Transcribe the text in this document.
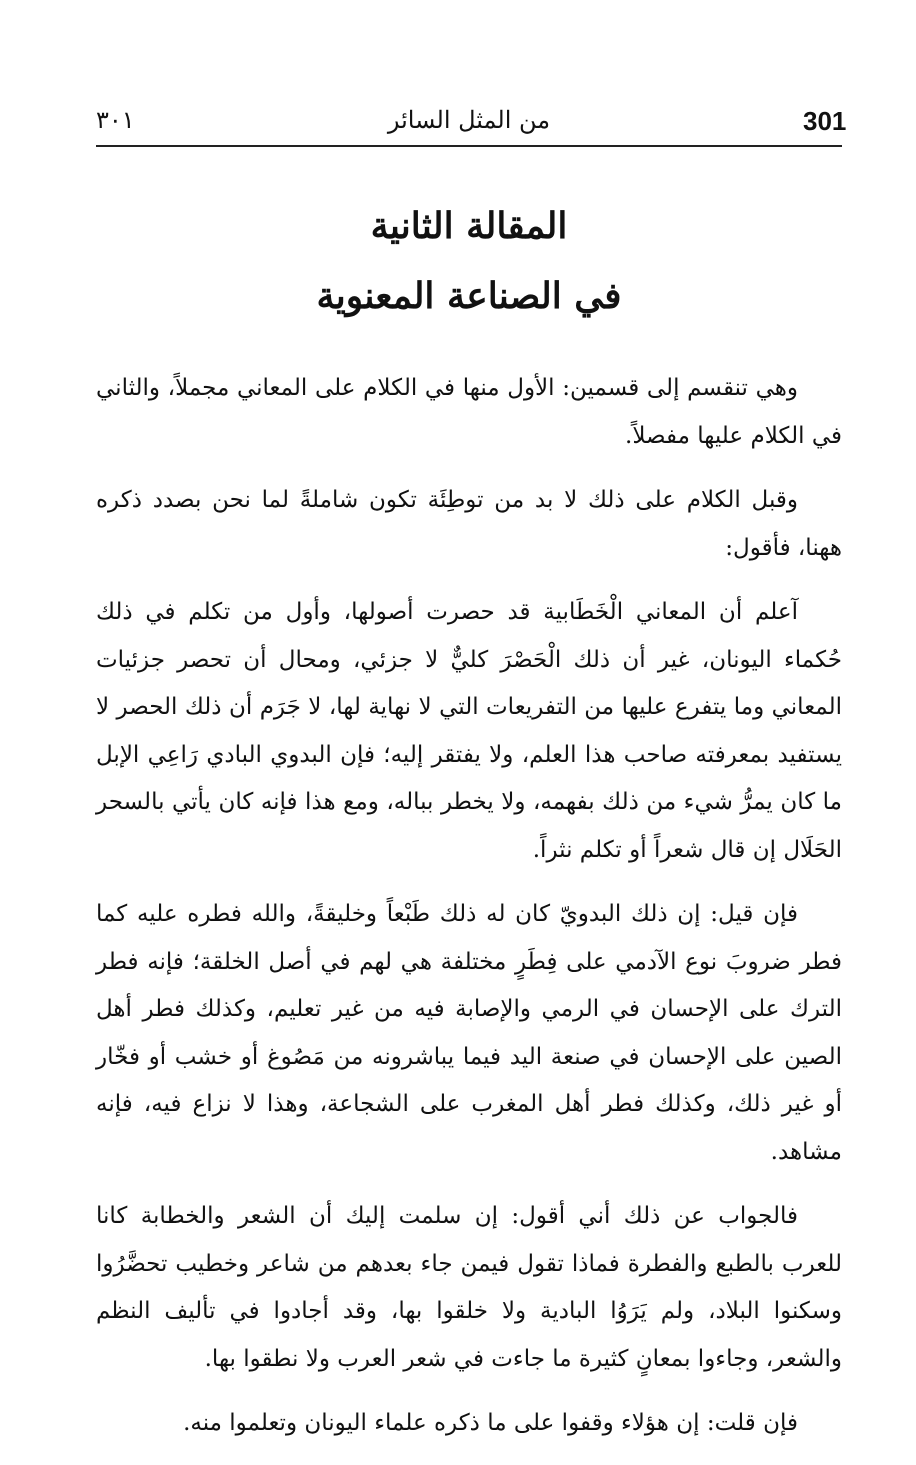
301
من المثل السائر
٣٠١
المقالة الثانية
في الصناعة المعنوية

وهي تنقسم إلى قسمين: الأول منها في الكلام على المعاني مجملاً، والثاني في الكلام عليها مفصلاً.

وقبل الكلام على ذلك لا بد من توطِئَة تكون شاملةً لما نحن بصدد ذكره ههنا، فأقول:

آعلم أن المعاني الْخَطَابية قد حصرت أصولها، وأول من تكلم في ذلك حُكماء اليونان، غير أن ذلك الْحَصْرَ كليٌّ لا جزئي، ومحال أن تحصر جزئيات المعاني وما يتفرع عليها من التفريعات التي لا نهاية لها، لا جَرَم أن ذلك الحصر لا يستفيد بمعرفته صاحب هذا العلم، ولا يفتقر إليه؛ فإن البدوي البادي رَاعِي الإبل ما كان يمرُّ شيء من ذلك بفهمه، ولا يخطر بباله، ومع هذا فإنه كان يأتي بالسحر الحَلَال إن قال شعراً أو تكلم نثراً.

فإن قيل: إن ذلك البدويّ كان له ذلك طَبْعاً وخليقةً، والله فطره عليه كما فطر ضروبَ نوع الآدمي على فِطَرٍ مختلفة هي لهم في أصل الخلقة؛ فإنه فطر الترك على الإحسان في الرمي والإصابة فيه من غير تعليم، وكذلك فطر أهل الصين على الإحسان في صنعة اليد فيما يباشرونه من مَصُوغ أو خشب أو فخّار أو غير ذلك، وكذلك فطر أهل المغرب على الشجاعة، وهذا لا نزاع فيه، فإنه مشاهد.

فالجواب عن ذلك أني أقول: إن سلمت إليك أن الشعر والخطابة كانا للعرب بالطبع والفطرة فماذا تقول فيمن جاء بعدهم من شاعر وخطيب تحضَّرُوا وسكنوا البلاد، ولم يَرَوُا البادية ولا خلقوا بها، وقد أجادوا في تأليف النظم والشعر، وجاءوا بمعانٍ كثيرة ما جاءت في شعر العرب ولا نطقوا بها.

فإن قلت: إن هؤلاء وقفوا على ما ذكره علماء اليونان وتعلموا منه.
